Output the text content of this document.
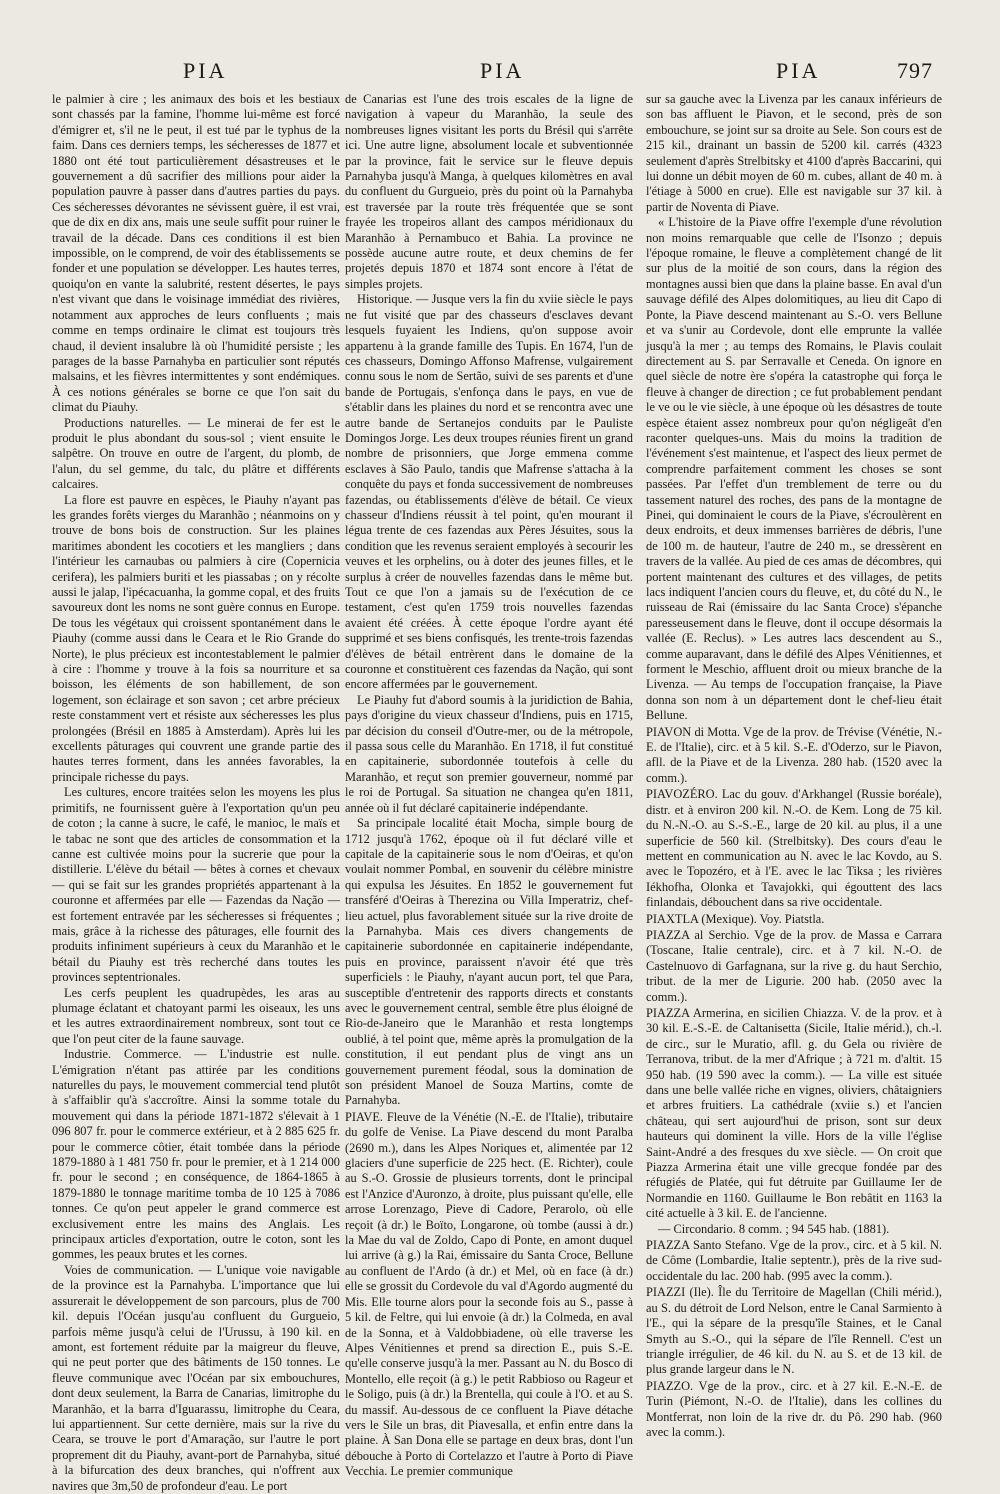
PIA	PIA	PIA	797

le palmier à cire ; les animaux des bois et les bestiaux sont chassés par la famine, l'homme lui-même est forcé d'émigrer et, s'il ne le peut, il est tué par le typhus de la faim. Dans ces derniers temps, les sécheresses de 1877 et 1880 ont été tout particulièrement désastreuses et le gouvernement a dû sacrifier des millions pour aider la population pauvre à passer dans d'autres parties du pays. Ces sécheresses dévorantes ne sévissent guère, il est vrai, que de dix en dix ans, mais une seule suffit pour ruiner le travail de la décade. Dans ces conditions il est bien impossible, on le comprend, de voir des établissements se fonder et une population se développer. Les hautes terres, quoiqu'on en vante la salubrité, restent désertes, le pays n'est vivant que dans le voisinage immédiat des rivières, notamment aux approches de leurs confluents ; mais comme en temps ordinaire le climat est toujours très chaud, il devient insalubre là où l'humidité persiste ; les parages de la basse Parnahyba en particulier sont réputés malsains, et les fièvres intermittentes y sont endémiques. À ces notions générales se borne ce que l'on sait du climat du Piauhy.

Productions naturelles. — Le minerai de fer est le produit le plus abondant du sous-sol ; vient ensuite le salpêtre. On trouve en outre de l'argent, du plomb, de l'alun, du sel gemme, du talc, du plâtre et différents calcaires.

La flore est pauvre en espèces, le Piauhy n'ayant pas les grandes forêts vierges du Maranhão ; néanmoins on y trouve de bons bois de construction. Sur les plaines maritimes abondent les cocotiers et les mangliers ; dans l'intérieur les carnaubas ou palmiers à cire (Copernicia cerifera), les palmiers buriti et les piassabas ; on y récolte aussi le jalap, l'ipécacuanha, la gomme copal, et des fruits savoureux dont les noms ne sont guère connus en Europe. De tous les végétaux qui croissent spontanément dans le Piauhy (comme aussi dans le Ceara et le Rio Grande do Norte), le plus précieux est incontestablement le palmier à cire : l'homme y trouve à la fois sa nourriture et sa boisson, les éléments de son habillement, de son logement, son éclairage et son savon ; cet arbre précieux reste constamment vert et résiste aux sécheresses les plus prolongées (Brésil en 1885 à Amsterdam). Après lui les excellents pâturages qui couvrent une grande partie des hautes terres forment, dans les années favorables, la principale richesse du pays.

Les cultures, encore traitées selon les moyens les plus primitifs, ne fournissent guère à l'exportation qu'un peu de coton ; la canne à sucre, le café, le manioc, le maïs et le tabac ne sont que des articles de consommation et la canne est cultivée moins pour la sucrerie que pour la distillerie. L'élève du bétail — bêtes à cornes et chevaux — qui se fait sur les grandes propriétés appartenant à la couronne et affermées par elle — Fazendas da Nação — est fortement entravée par les sécheresses si fréquentes ; mais, grâce à la richesse des pâturages, elle fournit des produits infiniment supérieurs à ceux du Maranhão et le bétail du Piauhy est très recherché dans toutes les provinces septentrionales.

Les cerfs peuplent les quadrupèdes, les aras au plumage éclatant et chatoyant parmi les oiseaux, les uns et les autres extraordinairement nombreux, sont tout ce que l'on peut citer de la faune sauvage.

Industrie. Commerce. — L'industrie est nulle. L'émigration n'étant pas attirée par les conditions naturelles du pays, le mouvement commercial tend plutôt à s'affaiblir qu'à s'accroître. Ainsi la somme totale du mouvement qui dans la période 1871-1872 s'élevait à 1 096 807 fr. pour le commerce extérieur, et à 2 885 625 fr. pour le commerce côtier, était tombée dans la période 1879-1880 à 1 481 750 fr. pour le premier, et à 1 214 000 fr. pour le second ; en conséquence, de 1864-1865 à 1879-1880 le tonnage maritime tomba de 10 125 à 7086 tonnes. Ce qu'on peut appeler le grand commerce est exclusivement entre les mains des Anglais. Les principaux articles d'exportation, outre le coton, sont les gommes, les peaux brutes et les cornes.

Voies de communication. — L'unique voie navigable de la province est la Parnahyba. L'importance que lui assurerait le développement de son parcours, plus de 700 kil. depuis l'Océan jusqu'au confluent du Gurgueio, parfois même jusqu'à celui de l'Urussu, à 190 kil. en amont, est fortement réduite par la maigreur du fleuve, qui ne peut porter que des bâtiments de 150 tonnes. Le fleuve communique avec l'Océan par six embouchures, dont deux seulement, la Barra de Canarias, limitrophe du Maranhão, et la barra d'Iguarassu, limitrophe du Ceara, lui appartiennent. Sur cette dernière, mais sur la rive du Ceara, se trouve le port d'Amaração, sur l'autre le port proprement dit du Piauhy, avant-port de Parnahyba, situé à la bifurcation des deux branches, qui n'offrent aux navires que 3m,50 de profondeur d'eau. Le port

de Canarias est l'une des trois escales de la ligne de navigation à vapeur du Maranhão, la seule des nombreuses lignes visitant les ports du Brésil qui s'arrête ici. Une autre ligne, absolument locale et subventionnée par la province, fait le service sur le fleuve depuis Parnahyba jusqu'à Manga, à quelques kilomètres en aval du confluent du Gurgueio, près du point où la Parnahyba est traversée par la route très fréquentée que se sont frayée les tropeiros allant des campos méridionaux du Maranhão à Pernambuco et Bahia. La province ne possède aucune autre route, et deux chemins de fer projetés depuis 1870 et 1874 sont encore à l'état de simples projets.

Historique. — Jusque vers la fin du xviie siècle le pays ne fut visité que par des chasseurs d'esclaves devant lesquels fuyaient les Indiens, qu'on suppose avoir appartenu à la grande famille des Tupis. En 1674, l'un de ces chasseurs, Domingo Affonso Mafrense, vulgairement connu sous le nom de Sertão, suivi de ses parents et d'une bande de Portugais, s'enfonça dans le pays, en vue de s'établir dans les plaines du nord et se rencontra avec une autre bande de Sertanejos conduits par le Pauliste Domingos Jorge. Les deux troupes réunies firent un grand nombre de prisonniers, que Jorge emmena comme esclaves à São Paulo, tandis que Mafrense s'attacha à la conquête du pays et fonda successivement de nombreuses fazendas, ou établissements d'élève de bétail. Ce vieux chasseur d'Indiens réussit à tel point, qu'en mourant il légua trente de ces fazendas aux Pères Jésuites, sous la condition que les revenus seraient employés à secourir les veuves et les orphelins, ou à doter des jeunes filles, et le surplus à créer de nouvelles fazendas dans le même but. Tout ce que l'on a jamais su de l'exécution de ce testament, c'est qu'en 1759 trois nouvelles fazendas avaient été créées. À cette époque l'ordre ayant été supprimé et ses biens confisqués, les trente-trois fazendas d'élèves de bétail entrèrent dans le domaine de la couronne et constituèrent ces fazendas da Nação, qui sont encore affermées par le gouvernement.

Le Piauhy fut d'abord soumis à la juridiction de Bahia, pays d'origine du vieux chasseur d'Indiens, puis en 1715, par décision du conseil d'Outre-mer, ou de la métropole, il passa sous celle du Maranhão. En 1718, il fut constitué en capitainerie, subordonnée toutefois à celle du Maranhão, et reçut son premier gouverneur, nommé par le roi de Portugal. Sa situation ne changea qu'en 1811, année où il fut déclaré capitainerie indépendante.

Sa principale localité était Mocha, simple bourg de 1712 jusqu'à 1762, époque où il fut déclaré ville et capitale de la capitainerie sous le nom d'Oeiras, et qu'on voulait nommer Pombal, en souvenir du célèbre ministre qui expulsa les Jésuites. En 1852 le gouvernement fut transféré d'Oeiras à Therezina ou Villa Imperatriz, chef-lieu actuel, plus favorablement située sur la rive droite de la Parnahyba. Mais ces divers changements de capitainerie subordonnée en capitainerie indépendante, puis en province, paraissent n'avoir été que très superficiels : le Piauhy, n'ayant aucun port, tel que Para, susceptible d'entretenir des rapports directs et constants avec le gouvernement central, semble être plus éloigné de Rio-de-Janeiro que le Maranhão et resta longtemps oublié, à tel point que, même après la promulgation de la constitution, il eut pendant plus de vingt ans un gouvernement purement féodal, sous la domination de son président Manoel de Souza Martins, comte de Parnahyba.

PIAVE. Fleuve de la Vénétie (N.-E. de l'Italie), tributaire du golfe de Venise. La Piave descend du mont Paralba (2690 m.), dans les Alpes Noriques et, alimentée par 12 glaciers d'une superficie de 225 hect. (E. Richter), coule au S.-O. Grossie de plusieurs torrents, dont le principal est l'Anzice d'Auronzo, à droite, plus puissant qu'elle, elle arrose Lorenzago, Pieve di Cadore, Perarolo, où elle reçoit (à dr.) le Boïto, Longarone, où tombe (aussi à dr.) la Mae du val de Zoldo, Capo di Ponte, en amont duquel lui arrive (à g.) la Rai, émissaire du Santa Croce, Bellune au confluent de l'Ardo (à dr.) et Mel, où en face (à dr.) elle se grossit du Cordevole du val d'Agordo augmenté du Mis. Elle tourne alors pour la seconde fois au S., passe à 5 kil. de Feltre, qui lui envoie (à dr.) la Colmeda, en aval de la Sonna, et à Valdobbiadene, où elle traverse les Alpes Vénitiennes et prend sa direction E., puis S.-E. qu'elle conserve jusqu'à la mer. Passant au N. du Bosco di Montello, elle reçoit (à g.) le petit Rabbioso ou Rageur et le Soligo, puis (à dr.) la Brentella, qui coule à l'O. et au S. du massif. Au-dessous de ce confluent la Piave détache vers le Sile un bras, dit Piavesalla, et enfin entre dans la plaine. À San Dona elle se partage en deux bras, dont l'un débouche à Porto di Cortelazzo et l'autre à Porto di Piave Vecchia. Le premier communique

sur sa gauche avec la Livenza par les canaux inférieurs de son bas affluent le Piavon, et le second, près de son embouchure, se joint sur sa droite au Sele. Son cours est de 215 kil., drainant un bassin de 5200 kil. carrés (4323 seulement d'après Strelbitsky et 4100 d'après Baccarini, qui lui donne un débit moyen de 60 m. cubes, allant de 40 m. à l'étiage à 5000 en crue). Elle est navigable sur 37 kil. à partir de Noventa di Piave.

« L'histoire de la Piave offre l'exemple d'une révolution non moins remarquable que celle de l'Isonzo ; depuis l'époque romaine, le fleuve a complètement changé de lit sur plus de la moitié de son cours, dans la région des montagnes aussi bien que dans la plaine basse. En aval d'un sauvage défilé des Alpes dolomitiques, au lieu dit Capo di Ponte, la Piave descend maintenant au S.-O. vers Bellune et va s'unir au Cordevole, dont elle emprunte la vallée jusqu'à la mer ; au temps des Romains, le Plavis coulait directement au S. par Serravalle et Ceneda. On ignore en quel siècle de notre ère s'opéra la catastrophe qui força le fleuve à changer de direction ; ce fut probablement pendant le ve ou le vie siècle, à une époque où les désastres de toute espèce étaient assez nombreux pour qu'on négligeât d'en raconter quelques-uns. Mais du moins la tradition de l'événement s'est maintenue, et l'aspect des lieux permet de comprendre parfaitement comment les choses se sont passées. Par l'effet d'un tremblement de terre ou du tassement naturel des roches, des pans de la montagne de Pinei, qui dominaient le cours de la Piave, s'écroulèrent en deux endroits, et deux immenses barrières de débris, l'une de 100 m. de hauteur, l'autre de 240 m., se dressèrent en travers de la vallée. Au pied de ces amas de décombres, qui portent maintenant des cultures et des villages, de petits lacs indiquent l'ancien cours du fleuve, et, du côté du N., le ruisseau de Rai (émissaire du lac Santa Croce) s'épanche paresseusement dans le fleuve, dont il occupe désormais la vallée (E. Reclus). » Les autres lacs descendent au S., comme auparavant, dans le défilé des Alpes Vénitiennes, et forment le Meschio, affluent droit ou mieux branche de la Livenza. — Au temps de l'occupation française, la Piave donna son nom à un département dont le chef-lieu était Bellune.

PIAVON di Motta. Vge de la prov. de Trévise (Vénétie, N.-E. de l'Italie), circ. et à 5 kil. S.-E. d'Oderzo, sur le Piavon, afll. de la Piave et de la Livenza. 280 hab. (1520 avec la comm.).

PIAVOZÉRO. Lac du gouv. d'Arkhangel (Russie boréale), distr. et à environ 200 kil. N.-O. de Kem. Long de 75 kil. du N.-N.-O. au S.-S.-E., large de 20 kil. au plus, il a une superficie de 560 kil. (Strelbitsky). Des cours d'eau le mettent en communication au N. avec le lac Kovdo, au S. avec le Topozéro, et à l'E. avec le lac Tiksa ; les rivières Iékhofha, Olonka et Tavajokki, qui égouttent des lacs finlandais, débouchent dans sa rive occidentale.

PIAXTLA (Mexique). Voy. Piatstla.

PIAZZA al Serchio. Vge de la prov. de Massa e Carrara (Toscane, Italie centrale), circ. et à 7 kil. N.-O. de Castelnuovo di Garfagnana, sur la rive g. du haut Serchio, tribut. de la mer de Ligurie. 200 hab. (2050 avec la comm.).

PIAZZA Armerina, en sicilien Chiazza. V. de la prov. et à 30 kil. E.-S.-E. de Caltanisetta (Sicile, Italie mérid.), ch.-l. de circ., sur le Muratio, afll. g. du Gela ou rivière de Terranova, tribut. de la mer d'Afrique ; à 721 m. d'altit. 15 950 hab. (19 590 avec la comm.). — La ville est située dans une belle vallée riche en vignes, oliviers, châtaigniers et arbres fruitiers. La cathédrale (xviie s.) et l'ancien château, qui sert aujourd'hui de prison, sont sur deux hauteurs qui dominent la ville. Hors de la ville l'église Saint-André a des fresques du xve siècle. — On croit que Piazza Armerina était une ville grecque fondée par des réfugiés de Platée, qui fut détruite par Guillaume Ier de Normandie en 1160. Guillaume le Bon rebâtit en 1163 la cité actuelle à 3 kil. E. de l'ancienne.

— Circondario. 8 comm. ; 94 545 hab. (1881).

PIAZZA Santo Stefano. Vge de la prov., circ. et à 5 kil. N. de Côme (Lombardie, Italie septentr.), près de la rive sud-occidentale du lac. 200 hab. (995 avec la comm.).

PIAZZI (Ile). Île du Territoire de Magellan (Chili mérid.), au S. du détroit de Lord Nelson, entre le Canal Sarmiento à l'E., qui la sépare de la presqu'île Staines, et le Canal Smyth au S.-O., qui la sépare de l'île Rennell. C'est un triangle irrégulier, de 46 kil. du N. au S. et de 13 kil. de plus grande largeur dans le N.

PIAZZO. Vge de la prov., circ. et à 27 kil. E.-N.-E. de Turin (Piémont, N.-O. de l'Italie), dans les collines du Montferrat, non loin de la rive dr. du Pô. 290 hab. (960 avec la comm.).
